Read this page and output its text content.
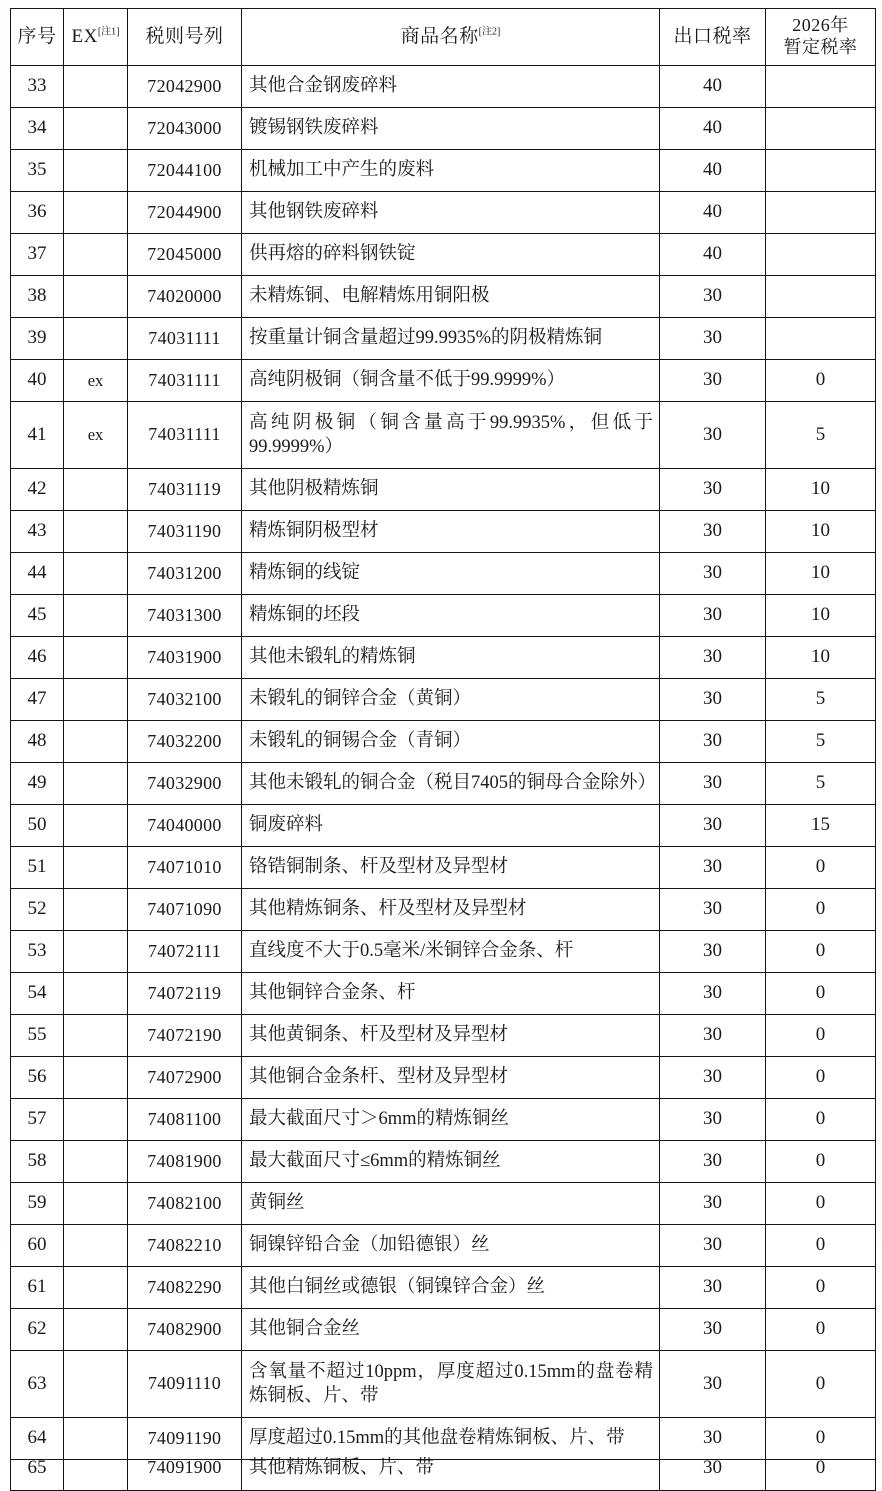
序号	EX[注1]	税则号列	商品名称[注2]	出口税率	2026年
暂定税率

33		72042900	其他合金钢废碎料	40	
34		72043000	镀锡钢铁废碎料	40	
35		72044100	机械加工中产生的废料	40	
36		72044900	其他钢铁废碎料	40	
37		72045000	供再熔的碎料钢铁锭	40	
38		74020000	未精炼铜、电解精炼用铜阳极	30	
39		74031111	按重量计铜含量超过99.9935%的阴极精炼铜	30	
40	ex	74031111	高纯阴极铜（铜含量不低于99.9999%）	30	0
41	ex	74031111	高纯阴极铜（铜含量高于99.9935%，但低于99.9999%）	30	5
42		74031119	其他阴极精炼铜	30	10
43		74031190	精炼铜阴极型材	30	10
44		74031200	精炼铜的线锭	30	10
45		74031300	精炼铜的坯段	30	10
46		74031900	其他未锻轧的精炼铜	30	10
47		74032100	未锻轧的铜锌合金（黄铜）	30	5
48		74032200	未锻轧的铜锡合金（青铜）	30	5
49		74032900	其他未锻轧的铜合金（税目7405的铜母合金除外）	30	5
50		74040000	铜废碎料	30	15
51		74071010	铬锆铜制条、杆及型材及异型材	30	0
52		74071090	其他精炼铜条、杆及型材及异型材	30	0
53		74072111	直线度不大于0.5毫米/米铜锌合金条、杆	30	0
54		74072119	其他铜锌合金条、杆	30	0
55		74072190	其他黄铜条、杆及型材及异型材	30	0
56		74072900	其他铜合金条杆、型材及异型材	30	0
57		74081100	最大截面尺寸＞6mm的精炼铜丝	30	0
58		74081900	最大截面尺寸≤6mm的精炼铜丝	30	0
59		74082100	黄铜丝	30	0
60		74082210	铜镍锌铅合金（加铅德银）丝	30	0
61		74082290	其他白铜丝或德银（铜镍锌合金）丝	30	0
62		74082900	其他铜合金丝	30	0
63		74091110	含氧量不超过10ppm，厚度超过0.15mm的盘卷精炼铜板、片、带	30	0
64		74091190	厚度超过0.15mm的其他盘卷精炼铜板、片、带	30	0

65		74091900	其他精炼铜板、片、带	30	0
